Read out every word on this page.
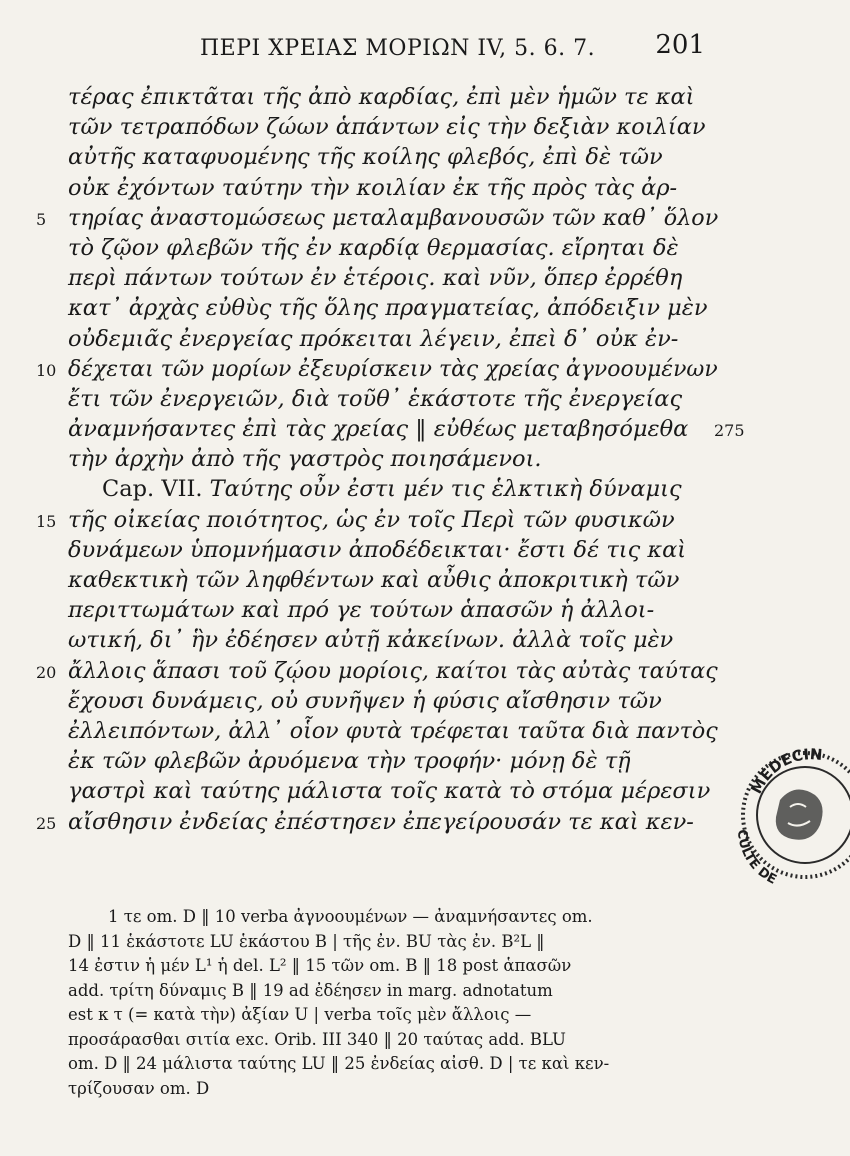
ΠΕΡΙ ΧΡΕΙΑΣ ΜΟΡΙΩΝ IV, 5. 6. 7. 201
τέρας ἐπικτᾶται τῆς ἀπὸ καρδίας, ἐπὶ μὲν ἡμῶν τε καὶ
τῶν τετραπόδων ζώων ἁπάντων εἰς τὴν δεξιὰν κοιλίαν
αὐτῆς καταφυομένης τῆς κοίλης φλεβός, ἐπὶ δὲ τῶν
οὐκ ἐχόντων ταύτην τὴν κοιλίαν ἐκ τῆς πρὸς τὰς ἀρ-
5 τηρίας ἀναστομώσεως μεταλαμβανουσῶν τῶν καθ᾽ ὅλον
τὸ ζῷον φλεβῶν τῆς ἐν καρδίᾳ θερμασίας. εἴρηται δὲ
περὶ πάντων τούτων ἐν ἑτέροις. καὶ νῦν, ὅπερ ἐρρέθη
κατ᾽ ἀρχὰς εὐθὺς τῆς ὅλης πραγματείας, ἀπόδειξιν μὲν
οὐδεμιᾶς ἐνεργείας πρόκειται λέγειν, ἐπεὶ δ᾽ οὐκ ἐν-
10 δέχεται τῶν μορίων ἐξευρίσκειν τὰς χρείας ἀγνοουμένων
ἔτι τῶν ἐνεργειῶν, διὰ τοῦθ᾽ ἑκάστοτε τῆς ἐνεργείας
ἀναμνήσαντες ἐπὶ τὰς χρείας ‖ εὐθέως μεταβησόμεθα	275
τὴν ἀρχὴν ἀπὸ τῆς γαστρὸς ποιησάμενοι.
Cap. VII. Ταύτης οὖν ἐστι μέν τις ἑλκτικὴ δύναμις
15 τῆς οἰκείας ποιότητος, ὡς ἐν τοῖς Περὶ τῶν φυσικῶν
δυνάμεων ὑπομνήμασιν ἀποδέδεικται· ἔστι δέ τις καὶ
καθεκτικὴ τῶν ληφθέντων καὶ αὖθις ἀποκριτικὴ τῶν
περιττωμάτων καὶ πρό γε τούτων ἁπασῶν ἡ ἀλλοι-
ωτική, δι᾽ ἣν ἐδέησεν αὐτῇ κἀκείνων. ἀλλὰ τοῖς μὲν
20 ἄλλοις ἅπασι τοῦ ζῴου μορίοις, καίτοι τὰς αὐτὰς ταύτας
ἔχουσι δυνάμεις, οὐ συνῆψεν ἡ φύσις αἴσθησιν τῶν
ἐλλειπόντων, ἀλλ᾽ οἷον φυτὰ τρέφεται ταῦτα διὰ παντὸς
ἐκ τῶν φλεβῶν ἀρυόμενα τὴν τροφήν· μόνῃ δὲ τῇ
γαστρὶ καὶ ταύτης μάλιστα τοῖς κατὰ τὸ στόμα μέρεσιν
25 αἴσθησιν ἐνδείας ἐπέστησεν ἐπεγείρουσάν τε καὶ κεν-
1 τε om. D ‖ 10 verba ἀγνοουμένων — ἀναμνήσαντες om.
D ‖ 11 ἑκάστοτε LU ἑκάστου B | τῆς ἐν. BU τὰς ἐν. B²L ‖
14 ἐστιν ἡ μέν L¹ ἡ del. L² ‖ 15 τῶν om. B ‖ 18 post ἁπασῶν
add. τρίτη δύναμις B ‖ 19 ad ἐδέησεν in marg. adnotatum
est κ τ (= κατὰ τὴν) ἀξίαν U | verba τοῖς μὲν ἄλλοις —
προσάρασθαι σιτία exc. Orib. III 340 ‖ 20 ταύτας add. BLU
om. D ‖ 24 μάλιστα ταύτης LU ‖ 25 ἐνδείας αἰσθ. D | τε καὶ κεν-
τρίζουσαν om. D
MEDECIN
CULTE DE
